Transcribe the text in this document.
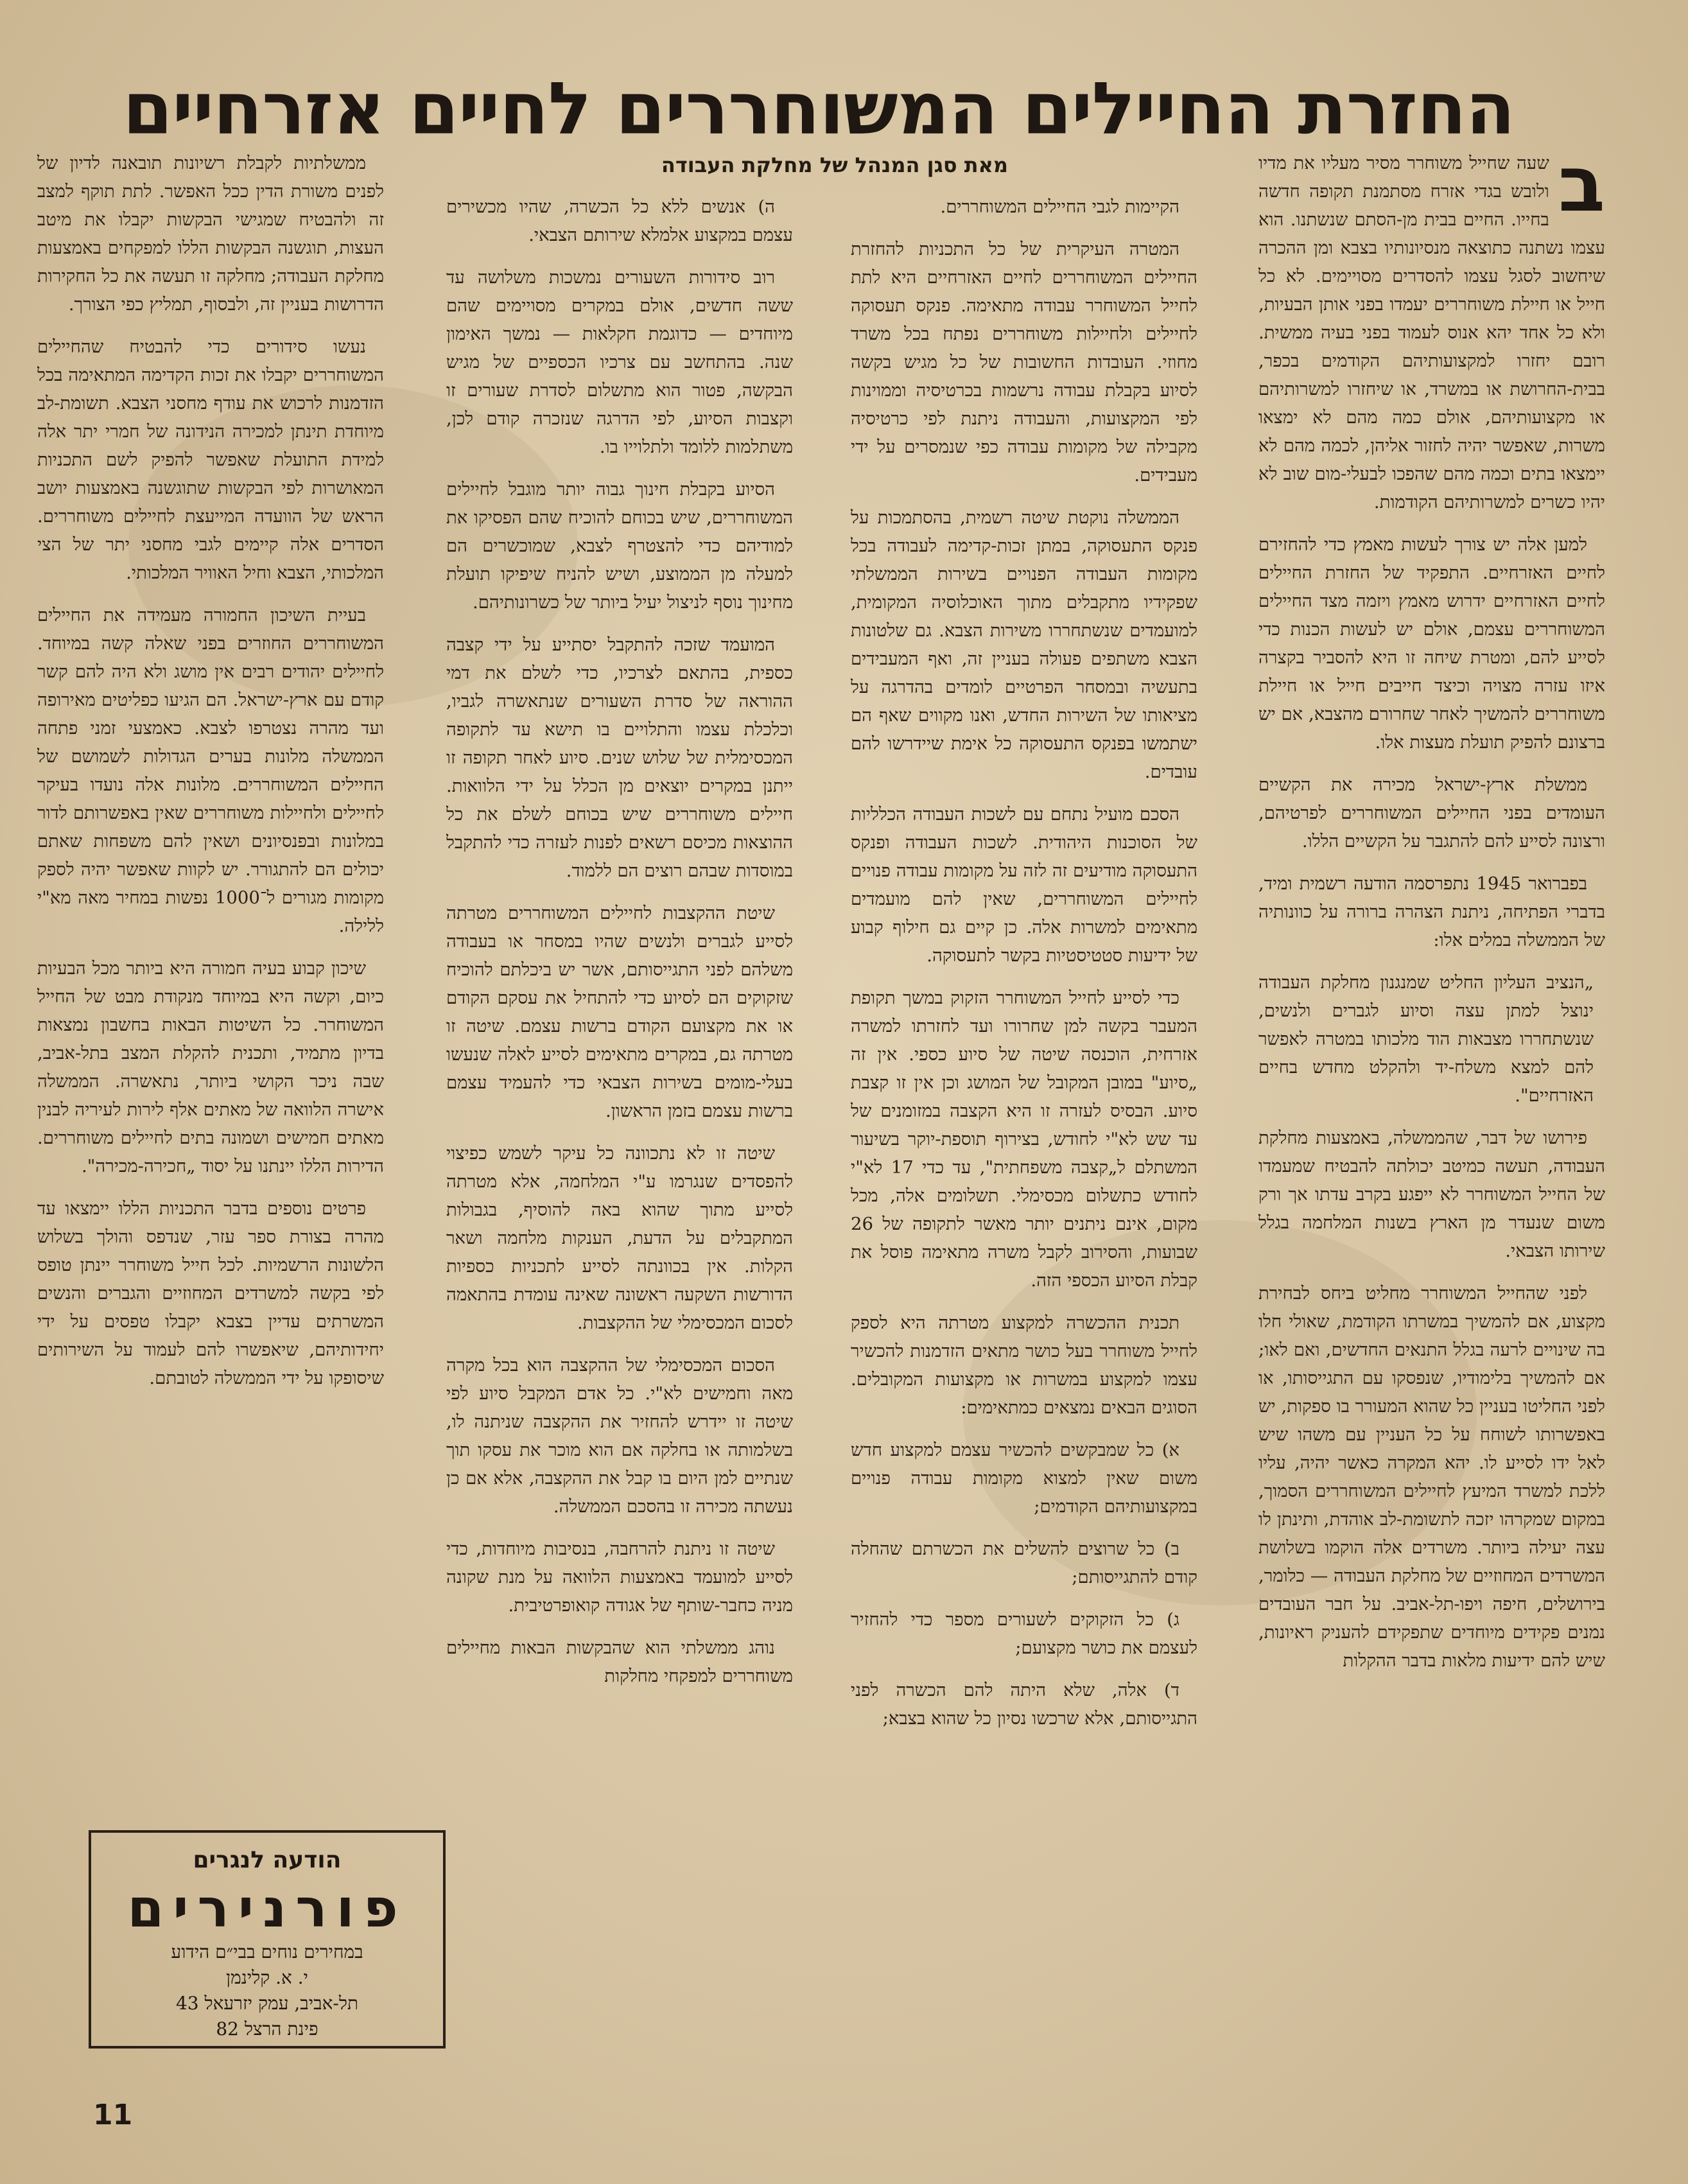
החזרת החיילים המשוחררים לחיים אזרחיים
מאת סגן המנהל של מחלקת העבודה	ב
שעה שחייל משוחרר מסיר מעליו את מדיו ולובש בגדי אזרח מסתמנת תקופה חדשה בחייו. החיים בבית מן-הסתם שנשתנו. הוא עצמו נשתנה כתוצאה מנסיונותיו בצבא ומן ההכרה שיחשוב לסגל עצמו להסדרים מסויימים. לא כל חייל או חיילת משוחררים יעמדו בפני אותן הבעיות, ולא כל אחד יהא אנוס לעמוד בפני בעיה ממשית. רובם יחזרו למקצועותיהם הקודמים בכפר, בבית-החרושת או במשרד, או שיחזרו למשרותיהם או מקצועותיהם, אולם כמה מהם לא ימצאו משרות, שאפשר יהיה לחזור אליהן, לכמה מהם לא יימצאו בתים וכמה מהם שהפכו לבעלי-מום שוב לא יהיו כשרים למשרותיהם הקודמות.

למען אלה יש צורך לעשות מאמץ כדי להחזירם לחיים האזרחיים. התפקיד של החזרת החיילים לחיים האזרחיים ידרוש מאמץ ויזמה מצד החיילים המשוחררים עצמם, אולם יש לעשות הכנות כדי לסייע להם, ומטרת שיחה זו היא להסביר בקצרה איזו עזרה מצויה וכיצד חייבים חייל או חיילת משוחררים להמשיך לאחר שחרורם מהצבא, אם יש ברצונם להפיק תועלת מעצות אלו.

ממשלת ארץ-ישראל מכירה את הקשיים העומדים בפני החיילים המשוחררים לפרטיהם, ורצונה לסייע להם להתגבר על הקשיים הללו.

בפברואר 1945 נתפרסמה הודעה רשמית ומיד, בדברי הפתיחה, ניתנת הצהרה ברורה על כוונותיה של הממשלה במלים אלו:

„הנציב העליון החליט שמנגנון מחלקת העבודה ינוצל למתן עצה וסיוע לגברים ולנשים, שנשתחררו מצבאות הוד מלכותו במטרה לאפשר להם למצא משלח-יד ולהקלט מחדש בחיים האזרחיים".

פירושו של דבר, שהממשלה, באמצעות מחלקת העבודה, תעשה כמיטב יכולתה להבטיח שמעמדו של החייל המשוחרר לא ייפגע בקרב עדתו אך ורק משום שנעדר מן הארץ בשנות המלחמה בגלל שירותו הצבאי.

לפני שהחייל המשוחרר מחליט ביחס לבחירת מקצוע, אם להמשיך במשרתו הקודמת, שאולי חלו בה שינויים לרעה בגלל התנאים החדשים, ואם לאו; אם להמשיך בלימודיו, שנפסקו עם התגייסותו, או לפני החליטו בעניין כל שהוא המעורר בו ספקות, יש באפשרותו לשוחח על כל העניין עם משהו שיש לאל ידו לסייע לו. יהא המקרה כאשר יהיה, עליו ללכת למשרד המיעץ לחיילים המשוחררים הסמוך, במקום שמקרהו יזכה לתשומת-לב אוהדת, ותינתן לו עצה יעילה ביותר. משרדים אלה הוקמו בשלושת המשרדים המחוזיים של מחלקת העבודה — כלומר, בירושלים, חיפה ויפו-תל-אביב. על חבר העובדים נמנים פקידים מיוחדים שתפקידם להעניק ראיונות, שיש להם ידיעות מלאות בדבר ההקלות

הקיימות לגבי החיילים המשוחררים.

המטרה העיקרית של כל התכניות להחזרת החיילים המשוחררים לחיים האזרחיים היא לתת לחייל המשוחרר עבודה מתאימה. פנקס תעסוקה לחיילים ולחיילות משוחררים נפתח בכל משרד מחוזי. העובדות החשובות של כל מגיש בקשה לסיוע בקבלת עבודה נרשמות בכרטיסיה וממוינות לפי המקצועות, והעבודה ניתנת לפי כרטיסיה מקבילה של מקומות עבודה כפי שנמסרים על ידי מעבידים.

הממשלה נוקטת שיטה רשמית, בהסתמכות על פנקס התעסוקה, במתן זכות-קדימה לעבודה בכל מקומות העבודה הפנויים בשירות הממשלתי שפקידיו מתקבלים מתוך האוכלוסיה המקומית, למועמדים שנשתחררו משירות הצבא. גם שלטונות הצבא משתפים פעולה בעניין זה, ואף המעבידים בתעשיה ובמסחר הפרטיים לומדים בהדרגה על מציאותו של השירות החדש, ואנו מקווים שאף הם ישתמשו בפנקס התעסוקה כל אימת שיידרשו להם עובדים.

הסכם מועיל נתחם עם לשכות העבודה הכלליות של הסוכנות היהודית. לשכות העבודה ופנקס התעסוקה מודיעים זה לזה על מקומות עבודה פנויים לחיילים המשוחררים, שאין להם מועמדים מתאימים למשרות אלה. כן קיים גם חילוף קבוע של ידיעות סטטיסטיות בקשר לתעסוקה.

כדי לסייע לחייל המשוחרר הזקוק במשך תקופת המעבר בקשה למן שחרורו ועד לחזרתו למשרה אזרחית, הוכנסה שיטה של סיוע כספי. אין זה „סיוע" במובן המקובל של המושג וכן אין זו קצבת סיוע. הבסיס לעזרה זו היא הקצבה במזומנים של עד שש לא"י לחודש, בצירוף תוספת-יוקר בשיעור המשתלם ל„קצבה משפחתית", עד כדי 17 לא"י לחודש כתשלום מכסימלי. תשלומים אלה, מכל מקום, אינם ניתנים יותר מאשר לתקופה של 26 שבועות, והסירוב לקבל משרה מתאימה פוסל את קבלת הסיוע הכספי הזה.

תכנית ההכשרה למקצוע מטרתה היא לספק לחייל משוחרר בעל כושר מתאים הזדמנות להכשיר עצמו למקצוע במשרות או מקצועות המקובלים. הסוגים הבאים נמצאים כמתאימים:

א) כל שמבקשים להכשיר עצמם למקצוע חדש משום שאין למצוא מקומות עבודה פנויים במקצועותיהם הקודמים;

ב) כל שרוצים להשלים את הכשרתם שהחלה קודם להתגייסותם;

ג) כל הזקוקים לשעורים מספר כדי להחזיר לעצמם את כושר מקצועם;

ד) אלה, שלא היתה להם הכשרה לפני התגייסותם, אלא שרכשו נסיון כל שהוא בצבא;

ה) אנשים ללא כל הכשרה, שהיו מכשירים עצמם במקצוע אלמלא שירותם הצבאי.

רוב סידורות השעורים נמשכות משלושה עד ששה חדשים, אולם במקרים מסויימים שהם מיוחדים — כדוגמת חקלאות — נמשך האימון שנה. בהתחשב עם צרכיו הכספיים של מגיש הבקשה, פטור הוא מתשלום לסדרת שעורים זו וקצבות הסיוע, לפי הדרגה שנזכרה קודם לכן, משתלמות ללומד ולתלוייו בו.

הסיוע בקבלת חינוך גבוה יותר מוגבל לחיילים המשוחררים, שיש בכוחם להוכיח שהם הפסיקו את למודיהם כדי להצטרף לצבא, שמוכשרים הם למעלה מן הממוצע, ושיש להניח שיפיקו תועלת מחינוך נוסף לניצול יעיל ביותר של כשרונותיהם.

המועמד שזכה להתקבל יסתייע על ידי קצבה כספית, בהתאם לצרכיו, כדי לשלם את דמי ההוראה של סדרת השעורים שנתאשרה לגביו, וכלכלת עצמו והתלויים בו תישא עד לתקופה המכסימלית של שלוש שנים. סיוע לאחר תקופה זו ייתנן במקרים יוצאים מן הכלל על ידי הלוואות. חיילים משוחררים שיש בכוחם לשלם את כל ההוצאות מכיסם רשאים לפנות לעזרה כדי להתקבל במוסדות שבהם רוצים הם ללמוד.

שיטת ההקצבות לחיילים המשוחררים מטרתה לסייע לגברים ולנשים שהיו במסחר או בעבודה משלהם לפני התגייסותם, אשר יש ביכלתם להוכיח שזקוקים הם לסיוע כדי להתחיל את עסקם הקודם או את מקצועם הקודם ברשות עצמם. שיטה זו מטרתה גם, במקרים מתאימים לסייע לאלה שנעשו בעלי-מומים בשירות הצבאי כדי להעמיד עצמם ברשות עצמם בזמן הראשון.

שיטה זו לא נתכוונה כל עיקר לשמש כפיצוי להפסדים שנגרמו ע"י המלחמה, אלא מטרתה לסייע מתוך שהוא באה להוסיף, בגבולות המתקבלים על הדעת, הענקות מלחמה ושאר הקלות. אין בכוונתה לסייע לתכניות כספיות הדורשות השקעה ראשונה שאינה עומדת בהתאמה לסכום המכסימלי של ההקצבות.

הסכום המכסימלי של ההקצבה הוא בכל מקרה מאה וחמישים לא"י. כל אדם המקבל סיוע לפי שיטה זו יידרש להחזיר את ההקצבה שניתנה לו, בשלמותה או בחלקה אם הוא מוכר את עסקו תוך שנתיים למן היום בו קבל את ההקצבה, אלא אם כן נעשתה מכירה זו בהסכם הממשלה.

שיטה זו ניתנת להרחבה, בנסיבות מיוחדות, כדי לסייע למועמד באמצעות הלוואה על מנת שקונה מניה כחבר-שותף של אגודה קואופרטיבית.

נוהג ממשלתי הוא שהבקשות הבאות מחיילים משוחררים למפקחי מחלקות

ממשלתיות לקבלת רשיונות תובאנה לדיון של לפנים משורת הדין ככל האפשר. לתת תוקף למצב זה ולהבטיח שמגישי הבקשות יקבלו את מיטב העצות, תוגשנה הבקשות הללו למפקחים באמצעות מחלקת העבודה; מחלקה זו תעשה את כל החקירות הדרושות בעניין זה, ולבסוף, תמליץ כפי הצורך.

נעשו סידורים כדי להבטיח שהחיילים המשוחררים יקבלו את זכות הקדימה המתאימה בכל הזדמנות לרכוש את עודף מחסני הצבא. תשומת-לב מיוחדת תינתן למכירה הנידונה של חמרי יתר אלה למידת התועלת שאפשר להפיק לשם התכניות המאושרות לפי הבקשות שתוגשנה באמצעות יושב הראש של הוועדה המייעצת לחיילים משוחררים. הסדרים אלה קיימים לגבי מחסני יתר של הצי המלכותי, הצבא וחיל האוויר המלכותי.

בעיית השיכון החמורה מעמידה את החיילים המשוחררים החוזרים בפני שאלה קשה במיוחד. לחיילים יהודים רבים אין מושג ולא היה להם קשר קודם עם ארץ-ישראל. הם הגיעו כפליטים מאירופה ועד מהרה נצטרפו לצבא. כאמצעי זמני פתחה הממשלה מלונות בערים הגדולות לשמושם של החיילים המשוחררים. מלונות אלה נועדו בעיקר לחיילים ולחיילות משוחררים שאין באפשרותם לדור במלונות ובפנסיונים ושאין להם משפחות שאתם יכולים הם להתגורר. יש לקוות שאפשר יהיה לספק מקומות מגורים ל־1000 נפשות במחיר מאה מא"י ללילה.

שיכון קבוע בעיה חמורה היא ביותר מכל הבעיות כיום, וקשה היא במיוחד מנקודת מבט של החייל המשוחרר. כל השיטות הבאות בחשבון נמצאות בדיון מתמיד, ותכנית להקלת המצב בתל-אביב, שבה ניכר הקושי ביותר, נתאשרה. הממשלה אישרה הלוואה של מאתים אלף לירות לעיריה לבנין מאתים חמישים ושמונה בתים לחיילים משוחררים. הדירות הללו יינתנו על יסוד „חכירה-מכירה".

פרטים נוספים בדבר התכניות הללו יימצאו עד מהרה בצורת ספר עזר, שנדפס והולך בשלוש הלשונות הרשמיות. לכל חייל משוחרר יינתן טופס לפי בקשה למשרדים המחוזיים והגברים והנשים המשרתים עדיין בצבא יקבלו טפסים על ידי יחידותיהם, שיאפשרו להם לעמוד על השירותים שיסופקו על ידי הממשלה לטובתם.

הודעה לנגרים
פורנירים
במחירים נוחים בבי״ם הידוע
י. א. קלינמן
תל-אביב, עמק יזרעאל 43
פינת הרצל 82
11
